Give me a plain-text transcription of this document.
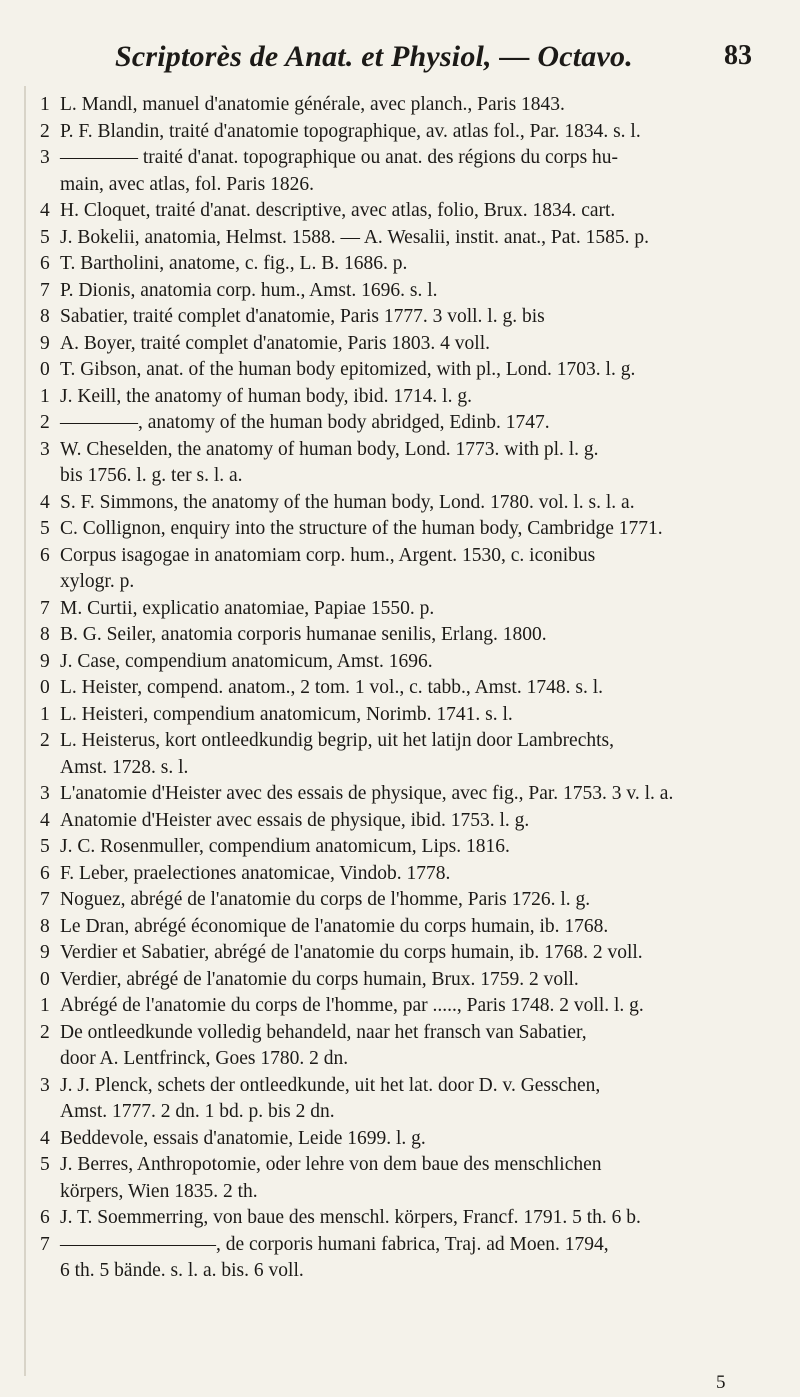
Scriptorès de Anat. et Physiol, — Octavo.	83
1 L. Mandl, manuel d'anatomie générale, avec planch., Paris 1843.
2 P. F. Blandin, traité d'anatomie topographique, av. atlas fol., Par. 1834. s. l.
3 ———— traité d'anat. topographique ou anat. des régions du corps hu-
main, avec atlas, fol. Paris 1826.
4 H. Cloquet, traité d'anat. descriptive, avec atlas, folio, Brux. 1834. cart.
5 J. Bokelii, anatomia, Helmst. 1588. — A. Wesalii, instit. anat., Pat. 1585. p.
6 T. Bartholini, anatome, c. fig., L. B. 1686. p.
7 P. Dionis, anatomia corp. hum., Amst. 1696. s. l.
8 Sabatier, traité complet d'anatomie, Paris 1777. 3 voll. l. g. bis
9 A. Boyer, traité complet d'anatomie, Paris 1803. 4 voll.
0 T. Gibson, anat. of the human body epitomized, with pl., Lond. 1703. l. g.
1 J. Keill, the anatomy of human body, ibid. 1714. l. g.
2 ————, anatomy of the human body abridged, Edinb. 1747.
3 W. Cheselden, the anatomy of human body, Lond. 1773. with pl. l. g.
bis 1756. l. g. ter s. l. a.
4 S. F. Simmons, the anatomy of the human body, Lond. 1780. vol. l. s. l. a.
5 C. Collignon, enquiry into the structure of the human body, Cambridge 1771.
6 Corpus isagogae in anatomiam corp. hum., Argent. 1530, c. iconibus
xylogr. p.
7 M. Curtii, explicatio anatomiae, Papiae 1550. p.
8 B. G. Seiler, anatomia corporis humanae senilis, Erlang. 1800.
9 J. Case, compendium anatomicum, Amst. 1696.
0 L. Heister, compend. anatom., 2 tom. 1 vol., c. tabb., Amst. 1748. s. l.
1 L. Heisteri, compendium anatomicum, Norimb. 1741. s. l.
2 L. Heisterus, kort ontleedkundig begrip, uit het latijn door Lambrechts,
Amst. 1728. s. l.
3 L'anatomie d'Heister avec des essais de physique, avec fig., Par. 1753. 3 v. l. a.
4 Anatomie d'Heister avec essais de physique, ibid. 1753. l. g.
5 J. C. Rosenmuller, compendium anatomicum, Lips. 1816.
6 F. Leber, praelectiones anatomicae, Vindob. 1778.
7 Noguez, abrégé de l'anatomie du corps de l'homme, Paris 1726. l. g.
8 Le Dran, abrégé économique de l'anatomie du corps humain, ib. 1768.
9 Verdier et Sabatier, abrégé de l'anatomie du corps humain, ib. 1768. 2 voll.
0 Verdier, abrégé de l'anatomie du corps humain, Brux. 1759. 2 voll.
1 Abrégé de l'anatomie du corps de l'homme, par ....., Paris 1748. 2 voll. l. g.
2 De ontleedkunde volledig behandeld, naar het fransch van Sabatier,
door A. Lentfrinck, Goes 1780. 2 dn.
3 J. J. Plenck, schets der ontleedkunde, uit het lat. door D. v. Gesschen,
Amst. 1777. 2 dn. 1 bd. p. bis 2 dn.
4 Beddevole, essais d'anatomie, Leide 1699. l. g.
5 J. Berres, Anthropotomie, oder lehre von dem baue des menschlichen
körpers, Wien 1835. 2 th.
6 J. T. Soemmerring, von baue des menschl. körpers, Francf. 1791. 5 th. 6 b.
7 ————————, de corporis humani fabrica, Traj. ad Moen. 1794,
6 th. 5 bände. s. l. a. bis. 6 voll.
5
